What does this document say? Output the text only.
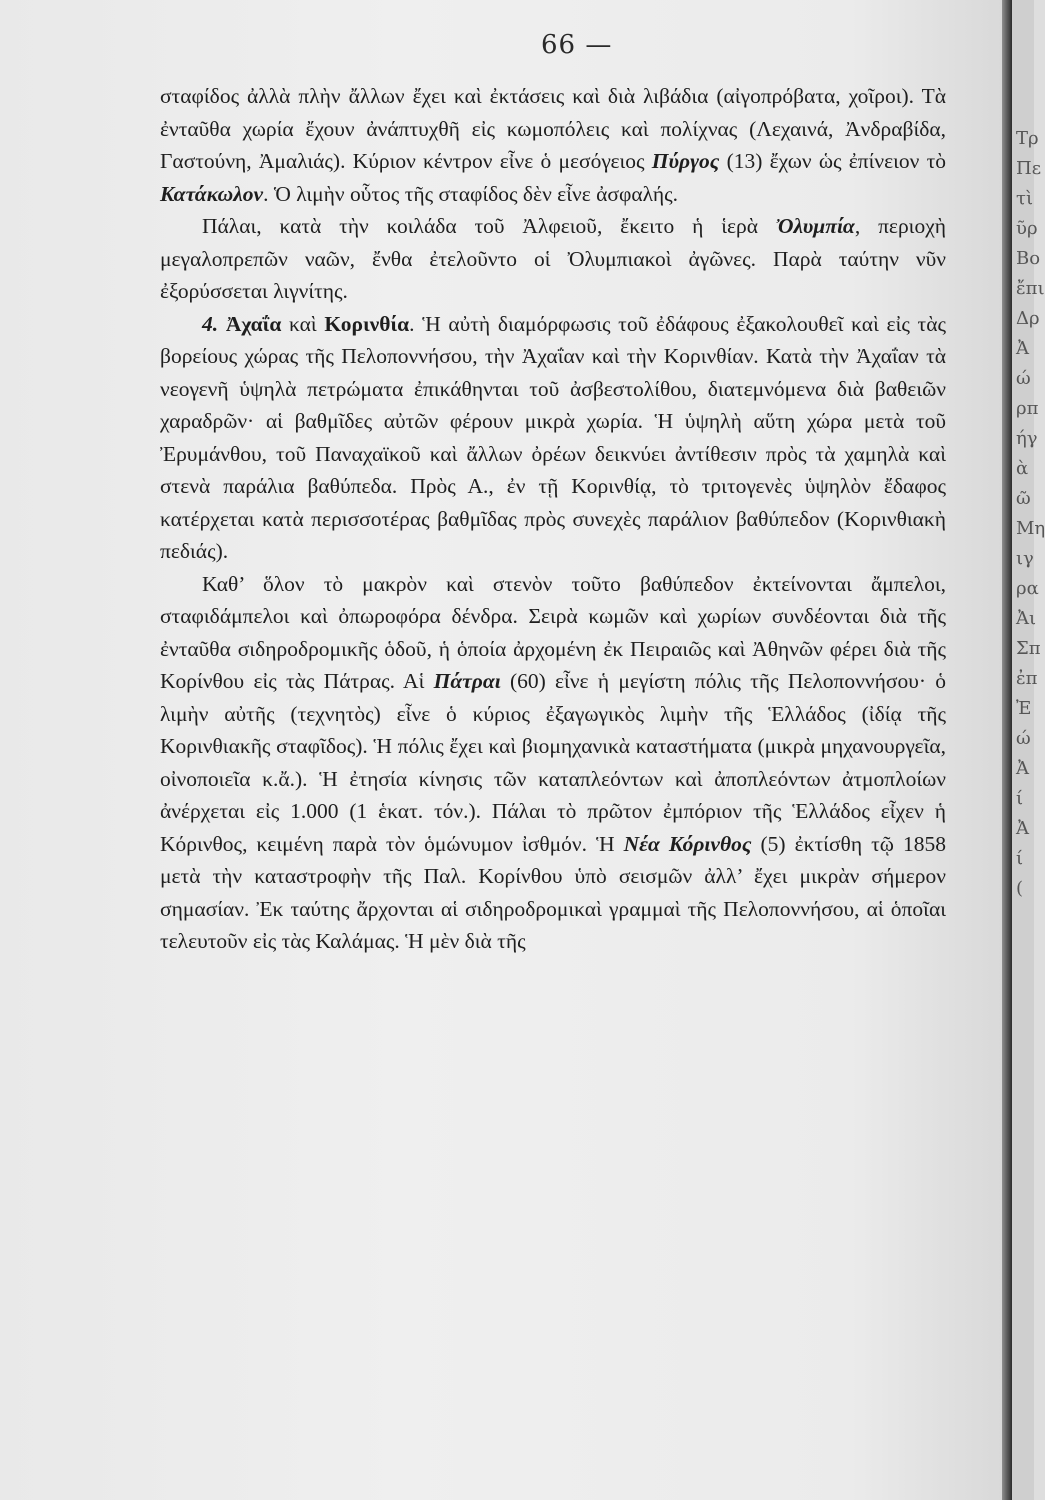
66 —

σταφίδος ἀλλὰ πλὴν ἄλλων ἔχει καὶ ἐκτάσεις καὶ διὰ λιβάδια (αἰγοπρόβατα, χοῖροι). Τὰ ἐνταῦθα χωρία ἔχουν ἀνάπτυχθῆ εἰς κωμοπόλεις καὶ πολίχνας (Λεχαινά, Ἀνδραβίδα, Γαστούνη, Ἀμαλιάς). Κύριον κέντρον εἶνε ὁ μεσόγειος Πύργος (13) ἔχων ὡς ἐπίνειον τὸ Κατάκωλον. Ὁ λιμὴν οὗτος τῆς σταφίδος δὲν εἶνε ἀσφαλής.

Πάλαι, κατὰ τὴν κοιλάδα τοῦ Ἀλφειοῦ, ἔκειτο ἡ ἱερὰ Ὀλυμπία, περιοχὴ μεγαλοπρεπῶν ναῶν, ἔνθα ἐτελοῦντο οἱ Ὀλυμπιακοὶ ἀγῶνες. Παρὰ ταύτην νῦν ἐξορύσσεται λιγνίτης.

4. Ἀχαΐα καὶ Κορινθία. Ἡ αὐτὴ διαμόρφωσις τοῦ ἐδάφους ἐξακολουθεῖ καὶ εἰς τὰς βορείους χώρας τῆς Πελοποννήσου, τὴν Ἀχαΐαν καὶ τὴν Κορινθίαν. Κατὰ τὴν Ἀχαΐαν τὰ νεογενῆ ὑψηλὰ πετρώματα ἐπικάθηνται τοῦ ἀσβεστολίθου, διατεμνόμενα διὰ βαθειῶν χαραδρῶν· αἱ βαθμῖδες αὐτῶν φέρουν μικρὰ χωρία. Ἡ ὑψηλὴ αὕτη χώρα μετὰ τοῦ Ἐρυμάνθου, τοῦ Παναχαϊκοῦ καὶ ἄλλων ὀρέων δεικνύει ἀντίθεσιν πρὸς τὰ χαμηλὰ καὶ στενὰ παράλια βαθύπεδα. Πρὸς Α., ἐν τῇ Κορινθίᾳ, τὸ τριτογενὲς ὑψηλὸν ἔδαφος κατέρχεται κατὰ περισσοτέρας βαθμῖδας πρὸς συνεχὲς παράλιον βαθύπεδον (Κορινθιακὴ πεδιάς).

Καθ’ ὅλον τὸ μακρὸν καὶ στενὸν τοῦτο βαθύπεδον ἐκτείνονται ἄμπελοι, σταφιδάμπελοι καὶ ὀπωροφόρα δένδρα. Σειρὰ κωμῶν καὶ χωρίων συνδέονται διὰ τῆς ἐνταῦθα σιδηροδρομικῆς ὁδοῦ, ἡ ὁποία ἀρχομένη ἐκ Πειραιῶς καὶ Ἀθηνῶν φέρει διὰ τῆς Κορίνθου εἰς τὰς Πάτρας. Αἱ Πάτραι (60) εἶνε ἡ μεγίστη πόλις τῆς Πελοποννήσου· ὁ λιμὴν αὐτῆς (τεχνητὸς) εἶνε ὁ κύριος ἐξαγωγικὸς λιμὴν τῆς Ἑλλάδος (ἰδίᾳ τῆς Κορινθιακῆς σταφῖδος). Ἡ πόλις ἔχει καὶ βιομηχανικὰ καταστήματα (μικρὰ μηχανουργεῖα, οἰνοποιεῖα κ.ἄ.). Ἡ ἐτησία κίνησις τῶν καταπλεόντων καὶ ἀποπλεόντων ἀτμοπλοίων ἀνέρχεται εἰς 1.000 (1 ἑκατ. τόν.). Πάλαι τὸ πρῶτον ἐμπόριον τῆς Ἑλλάδος εἶχεν ἡ Κόρινθος, κειμένη παρὰ τὸν ὁμώνυμον ἰσθμόν. Ἡ Νέα Κόρινθος (5) ἐκτίσθη τῷ 1858 μετὰ τὴν καταστροφὴν τῆς Παλ. Κορίνθου ὑπὸ σεισμῶν ἀλλ’ ἔχει μικρὰν σήμερον σημασίαν. Ἐκ ταύτης ἄρχονται αἱ σιδηροδρομικαὶ γραμμαὶ τῆς Πελοποννήσου, αἱ ὁποῖαι τελευτοῦν εἰς τὰς Καλάμας. Ἡ μὲν διὰ τῆς

Τρ
Πε
τὶ
ῦρ
Βο
ἔπι
Δρ
Ἀ
ώ
ρπ
ήγ
ὰ
ῶ
Μη
ιγ
ρα
Ἀι
Σπ
ἐπ
Ἐ
ώ
Ἀ
ί
Ἀ
ί
(
